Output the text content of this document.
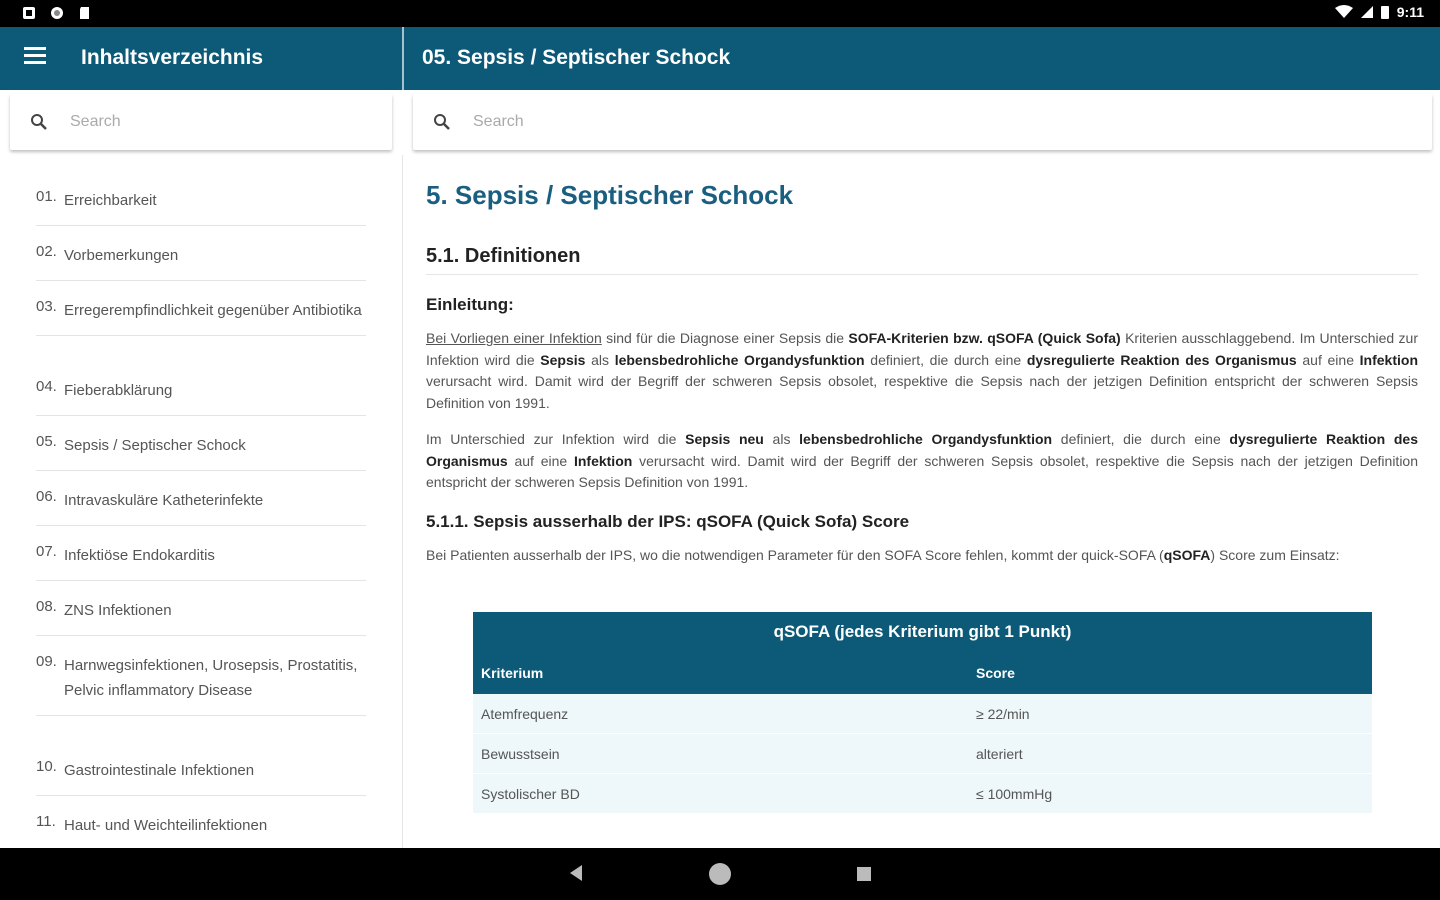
9:11
Inhaltsverzeichnis	05. Sepsis / Septischer Schock
Search
Search
01. Erreichbarkeit
02. Vorbemerkungen
03. Erregerempfindlichkeit gegenüber Antibiotika
04. Fieberabklärung
05. Sepsis / Septischer Schock
06. Intravaskuläre Katheterinfekte
07. Infektiöse Endokarditis
08. ZNS Infektionen
09. Harnwegsinfektionen, Urosepsis, Prostatitis, Pelvic inflammatory Disease
10. Gastrointestinale Infektionen
11. Haut- und Weichteilinfektionen
5. Sepsis / Septischer Schock
5.1. Definitionen
Einleitung:

Bei Vorliegen einer Infektion sind für die Diagnose einer Sepsis die SOFA-Kriterien bzw. qSOFA (Quick Sofa) Kriterien ausschlaggebend. Im Unterschied zur Infektion wird die Sepsis als lebensbedrohliche Organdysfunktion definiert, die durch eine dysregulierte Reaktion des Organismus auf eine Infektion verursacht wird. Damit wird der Begriff der schweren Sepsis obsolet, respektive die Sepsis nach der jetzigen Definition entspricht der schweren Sepsis Definition von 1991.

Im Unterschied zur Infektion wird die Sepsis neu als lebensbedrohliche Organdysfunktion definiert, die durch eine dysregulierte Reaktion des Organismus auf eine Infektion verursacht wird. Damit wird der Begriff der schweren Sepsis obsolet, respektive die Sepsis nach der jetzigen Definition entspricht der schweren Sepsis Definition von 1991.

5.1.1. Sepsis ausserhalb der IPS: qSOFA (Quick Sofa) Score

Bei Patienten ausserhalb der IPS, wo die notwendigen Parameter für den SOFA Score fehlen, kommt der quick-SOFA (qSOFA) Score zum Einsatz:

qSOFA (jedes Kriterium gibt 1 Punkt)
Kriterium	Score
Atemfrequenz	≥ 22/min
Bewusstsein	alteriert
Systolischer BD	≤ 100mmHg
